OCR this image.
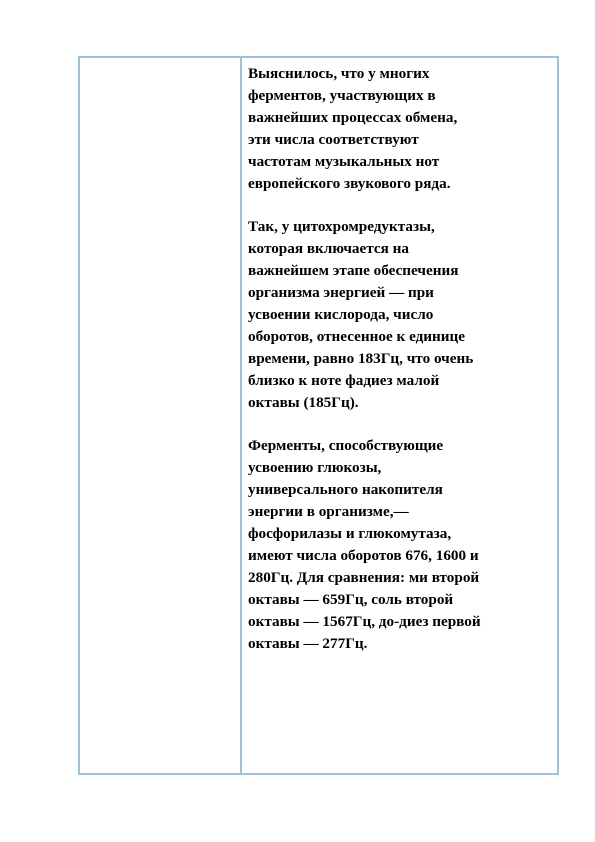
Выяснилось, что у многих
ферментов, участвующих в
важнейших процессах обмена,
эти числа соответствуют
частотам музыкальных нот
европейского звукового ряда.

Так, у цитохромредуктазы,
которая включается на
важнейшем этапе обеспечения
организма энергией — при
усвоении кислорода, число
оборотов, отнесенное к единице
времени, равно 183Гц, что очень
близко к ноте фадиез малой
октавы (185Гц).

Ферменты, способствующие
усвоению глюкозы,
универсального накопителя
энергии в организме,—
фосфорилазы и глюкомутаза,
имеют числа оборотов 676, 1600 и
280Гц. Для сравнения: ми второй
октавы — 659Гц, соль второй
октавы — 1567Гц, до-диез первой
октавы — 277Гц.
